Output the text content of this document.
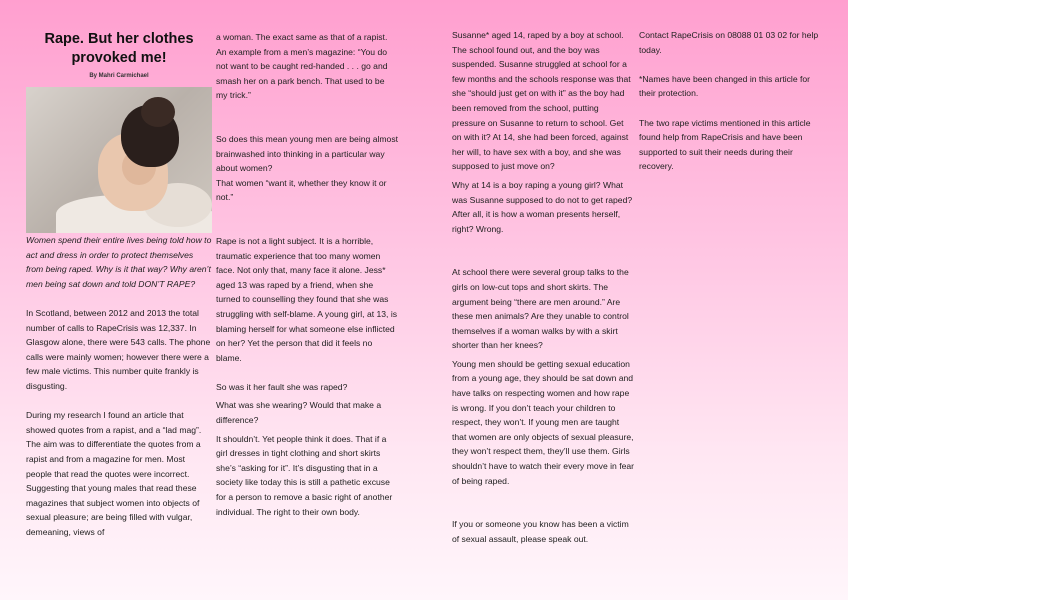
Rape. But her clothes provoked me!
By Mahri Carmichael

Women spend their entire lives being told how to act and dress in order to protect themselves from being raped. Why is it that way? Why aren’t men being sat down and told DON’T RAPE?

In Scotland, between 2012 and 2013 the total number of calls to RapeCrisis was 12,337. In Glasgow alone, there were 543 calls. The phone calls were mainly women; however there were a few male victims. This number quite frankly is disgusting.

During my research I found an article that showed quotes from a rapist, and a “lad mag”. The aim was to differentiate the quotes from a rapist and from a magazine for men. Most people that read the quotes were incorrect. Suggesting that young males that read these magazines that subject women into objects of sexual pleasure; are being filled with vulgar, demeaning, views of

a woman. The exact same as that of a rapist. An example from a men’s magazine: “You do not want to be caught red-handed . . . go and smash her on a park bench. That used to be my trick.”

So does this mean young men are being almost brainwashed into thinking in a particular way about women?

That women “want it, whether they know it or not.”

Rape is not a light subject. It is a horrible, traumatic experience that too many women face. Not only that, many face it alone. Jess* aged 13 was raped by a friend, when she turned to counselling they found that she was struggling with self-blame. A young girl, at 13, is blaming herself for what someone else inflicted on her? Yet the person that did it feels no blame.

So was it her fault she was raped?

What was she wearing? Would that make a difference?

It shouldn’t. Yet people think it does. That if a girl dresses in tight clothing and short skirts she’s “asking for it”. It’s disgusting that in a society like today this is still a pathetic excuse for a person to remove a basic right of another individual. The right to their own body.

Susanne* aged 14, raped by a boy at school. The school found out, and the boy was suspended. Susanne struggled at school for a few months and the schools response was that she “should just get on with it” as the boy had been removed from the school, putting pressure on Susanne to return to school. Get on with it? At 14, she had been forced, against her will, to have sex with a boy, and she was supposed to just move on?

Why at 14 is a boy raping a young girl? What was Susanne supposed to do not to get raped? After all, it is how a woman presents herself, right? Wrong.

At school there were several group talks to the girls on low-cut tops and short skirts. The argument being “there are men around.” Are these men animals? Are they unable to control themselves if a woman walks by with a skirt shorter than her knees?

Young men should be getting sexual education from a young age, they should be sat down and have talks on respecting women and how rape is wrong. If you don’t teach your children to respect, they won’t. If young men are taught that women are only objects of sexual pleasure, they won’t respect them, they’ll use them. Girls shouldn’t have to watch their every move in fear of being raped.

If you or someone you know has been a victim of sexual assault, please speak out.

Contact RapeCrisis on 08088 01 03 02 for help today.

*Names have been changed in this article for their protection.

The two rape victims mentioned in this article found help from RapeCrisis and have been supported to suit their needs during their recovery.
